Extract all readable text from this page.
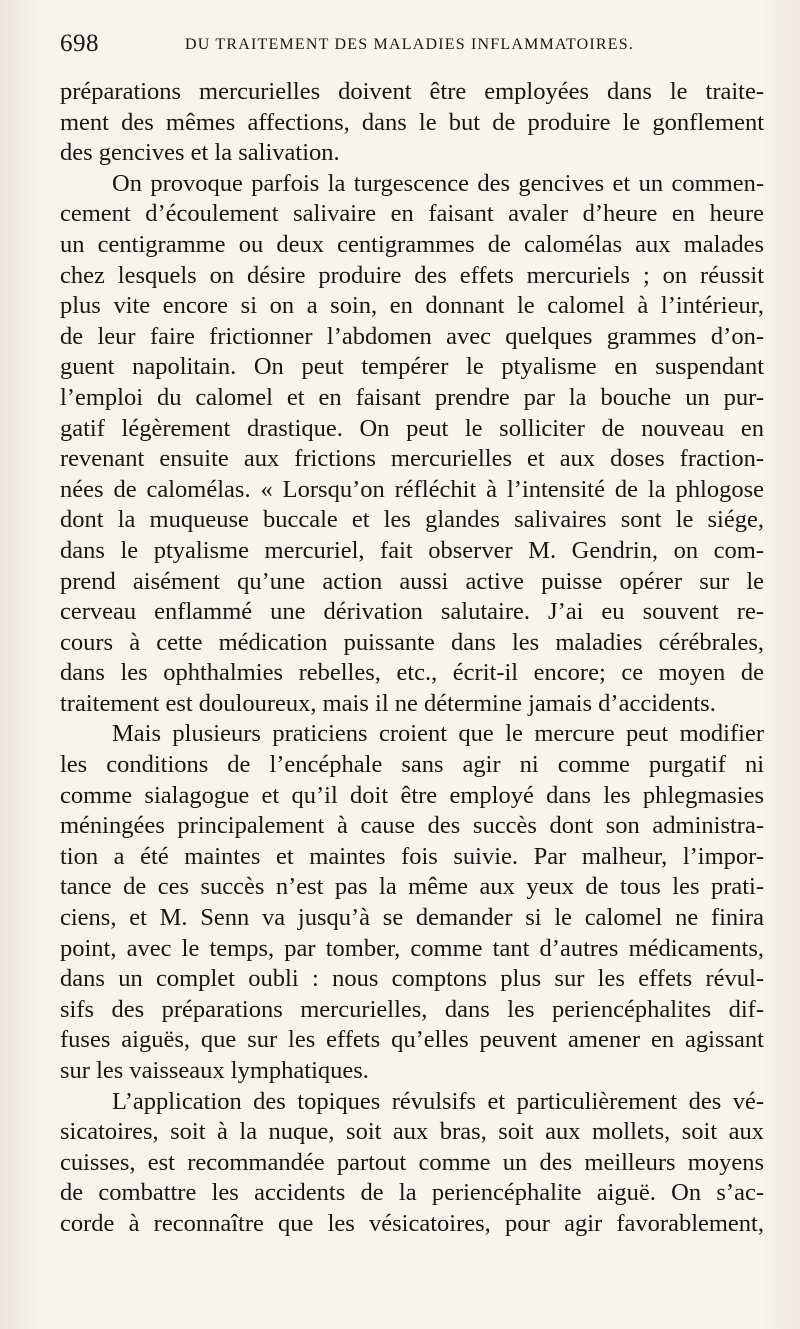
698	DU TRAITEMENT DES MALADIES INFLAMMATOIRES.
préparations mercurielles doivent être employées dans le traite-
ment des mêmes affections, dans le but de produire le gonflement
des gencives et la salivation.
On provoque parfois la turgescence des gencives et un commen-
cement d’écoulement salivaire en faisant avaler d’heure en heure
un centigramme ou deux centigrammes de calomélas aux malades
chez lesquels on désire produire des effets mercuriels ; on réussit
plus vite encore si on a soin, en donnant le calomel à l’intérieur,
de leur faire frictionner l’abdomen avec quelques grammes d’on-
guent napolitain. On peut tempérer le ptyalisme en suspendant
l’emploi du calomel et en faisant prendre par la bouche un pur-
gatif légèrement drastique. On peut le solliciter de nouveau en
revenant ensuite aux frictions mercurielles et aux doses fraction-
nées de calomélas. « Lorsqu’on réfléchit à l’intensité de la phlogose
dont la muqueuse buccale et les glandes salivaires sont le siége,
dans le ptyalisme mercuriel, fait observer M. Gendrin, on com-
prend aisément qu’une action aussi active puisse opérer sur le
cerveau enflammé une dérivation salutaire. J’ai eu souvent re-
cours à cette médication puissante dans les maladies cérébrales,
dans les ophthalmies rebelles, etc., écrit-il encore; ce moyen de
traitement est douloureux, mais il ne détermine jamais d’accidents.
Mais plusieurs praticiens croient que le mercure peut modifier
les conditions de l’encéphale sans agir ni comme purgatif ni
comme sialagogue et qu’il doit être employé dans les phlegmasies
méningées principalement à cause des succès dont son administra-
tion a été maintes et maintes fois suivie. Par malheur, l’impor-
tance de ces succès n’est pas la même aux yeux de tous les prati-
ciens, et M. Senn va jusqu’à se demander si le calomel ne finira
point, avec le temps, par tomber, comme tant d’autres médicaments,
dans un complet oubli : nous comptons plus sur les effets révul-
sifs des préparations mercurielles, dans les periencéphalites dif-
fuses aiguës, que sur les effets qu’elles peuvent amener en agissant
sur les vaisseaux lymphatiques.
L’application des topiques révulsifs et particulièrement des vé-
sicatoires, soit à la nuque, soit aux bras, soit aux mollets, soit aux
cuisses, est recommandée partout comme un des meilleurs moyens
de combattre les accidents de la periencéphalite aiguë. On s’ac-
corde à reconnaître que les vésicatoires, pour agir favorablement,
